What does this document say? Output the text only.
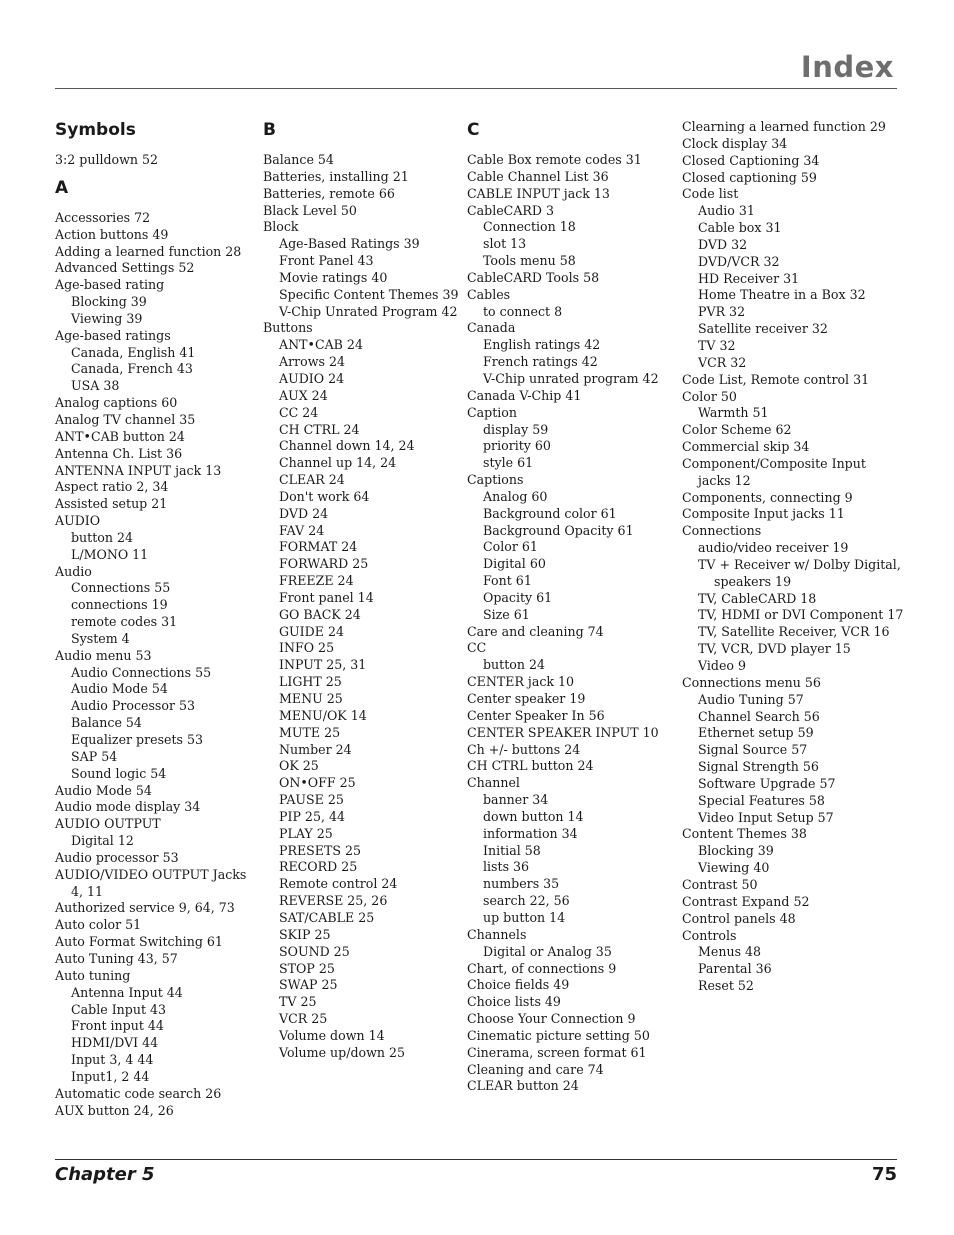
Index
Symbols
3:2 pulldown 52
A
Accessories 72
Action buttons 49
Adding a learned function 28
Advanced Settings 52
Age-based rating
Blocking 39
Viewing 39
Age-based ratings
Canada, English 41
Canada, French 43
USA 38
Analog captions 60
Analog TV channel 35
ANT•CAB button 24
Antenna Ch. List 36
ANTENNA INPUT jack 13
Aspect ratio 2, 34
Assisted setup 21
AUDIO
button 24
L/MONO 11
Audio
Connections 55
connections 19
remote codes 31
System 4
Audio menu 53
Audio Connections 55
Audio Mode 54
Audio Processor 53
Balance 54
Equalizer presets 53
SAP 54
Sound logic 54
Audio Mode 54
Audio mode display 34
AUDIO OUTPUT
Digital 12
Audio processor 53
AUDIO/VIDEO OUTPUT Jacks 4, 11
Authorized service 9, 64, 73
Auto color 51
Auto Format Switching 61
Auto Tuning 43, 57
Auto tuning
Antenna Input 44
Cable Input 43
Front input 44
HDMI/DVI 44
Input 3, 4 44
Input1, 2 44
Automatic code search 26
AUX button 24, 26
B
Balance 54
Batteries, installing 21
Batteries, remote 66
Black Level 50
Block
Age-Based Ratings 39
Front Panel 43
Movie ratings 40
Specific Content Themes 39
V-Chip Unrated Program 42
Buttons
ANT•CAB 24
Arrows 24
AUDIO 24
AUX 24
CC 24
CH CTRL 24
Channel down 14, 24
Channel up 14, 24
CLEAR 24
Don't work 64
DVD 24
FAV 24
FORMAT 24
FORWARD 25
FREEZE 24
Front panel 14
GO BACK 24
GUIDE 24
INFO 25
INPUT 25, 31
LIGHT 25
MENU 25
MENU/OK 14
MUTE 25
Number 24
OK 25
ON•OFF 25
PAUSE 25
PIP 25, 44
PLAY 25
PRESETS 25
RECORD 25
Remote control 24
REVERSE 25, 26
SAT/CABLE 25
SKIP 25
SOUND 25
STOP 25
SWAP 25
TV 25
VCR 25
Volume down 14
Volume up/down 25
C
Cable Box remote codes 31
Cable Channel List 36
CABLE INPUT jack 13
CableCARD 3
Connection 18
slot 13
Tools menu 58
CableCARD Tools 58
Cables
to connect 8
Canada
English ratings 42
French ratings 42
V-Chip unrated program 42
Canada V-Chip 41
Caption
display 59
priority 60
style 61
Captions
Analog 60
Background color 61
Background Opacity 61
Color 61
Digital 60
Font 61
Opacity 61
Size 61
Care and cleaning 74
CC
button 24
CENTER jack 10
Center speaker 19
Center Speaker In 56
CENTER SPEAKER INPUT 10
Ch +/- buttons 24
CH CTRL button 24
Channel
banner 34
down button 14
information 34
Initial 58
lists 36
numbers 35
search 22, 56
up button 14
Channels
Digital or Analog 35
Chart, of connections 9
Choice fields 49
Choice lists 49
Choose Your Connection 9
Cinematic picture setting 50
Cinerama, screen format 61
Cleaning and care 74
CLEAR button 24
Clearning a learned function 29
Clock display 34
Closed Captioning 34
Closed captioning 59
Code list
Audio 31
Cable box 31
DVD 32
DVD/VCR 32
HD Receiver 31
Home Theatre in a Box 32
PVR 32
Satellite receiver 32
TV 32
VCR 32
Code List, Remote control 31
Color 50
Warmth 51
Color Scheme 62
Commercial skip 34
Component/Composite Input jacks 12
Components, connecting 9
Composite Input jacks 11
Connections
audio/video receiver 19
TV + Receiver w/ Dolby Digital, speakers 19
TV, CableCARD 18
TV, HDMI or DVI Component 17
TV, Satellite Receiver, VCR 16
TV, VCR, DVD player 15
Video 9
Connections menu 56
Audio Tuning 57
Channel Search 56
Ethernet setup 59
Signal Source 57
Signal Strength 56
Software Upgrade 57
Special Features 58
Video Input Setup 57
Content Themes 38
Blocking 39
Viewing 40
Contrast 50
Contrast Expand 52
Control panels 48
Controls
Menus 48
Parental 36
Reset 52
Chapter 5	75
